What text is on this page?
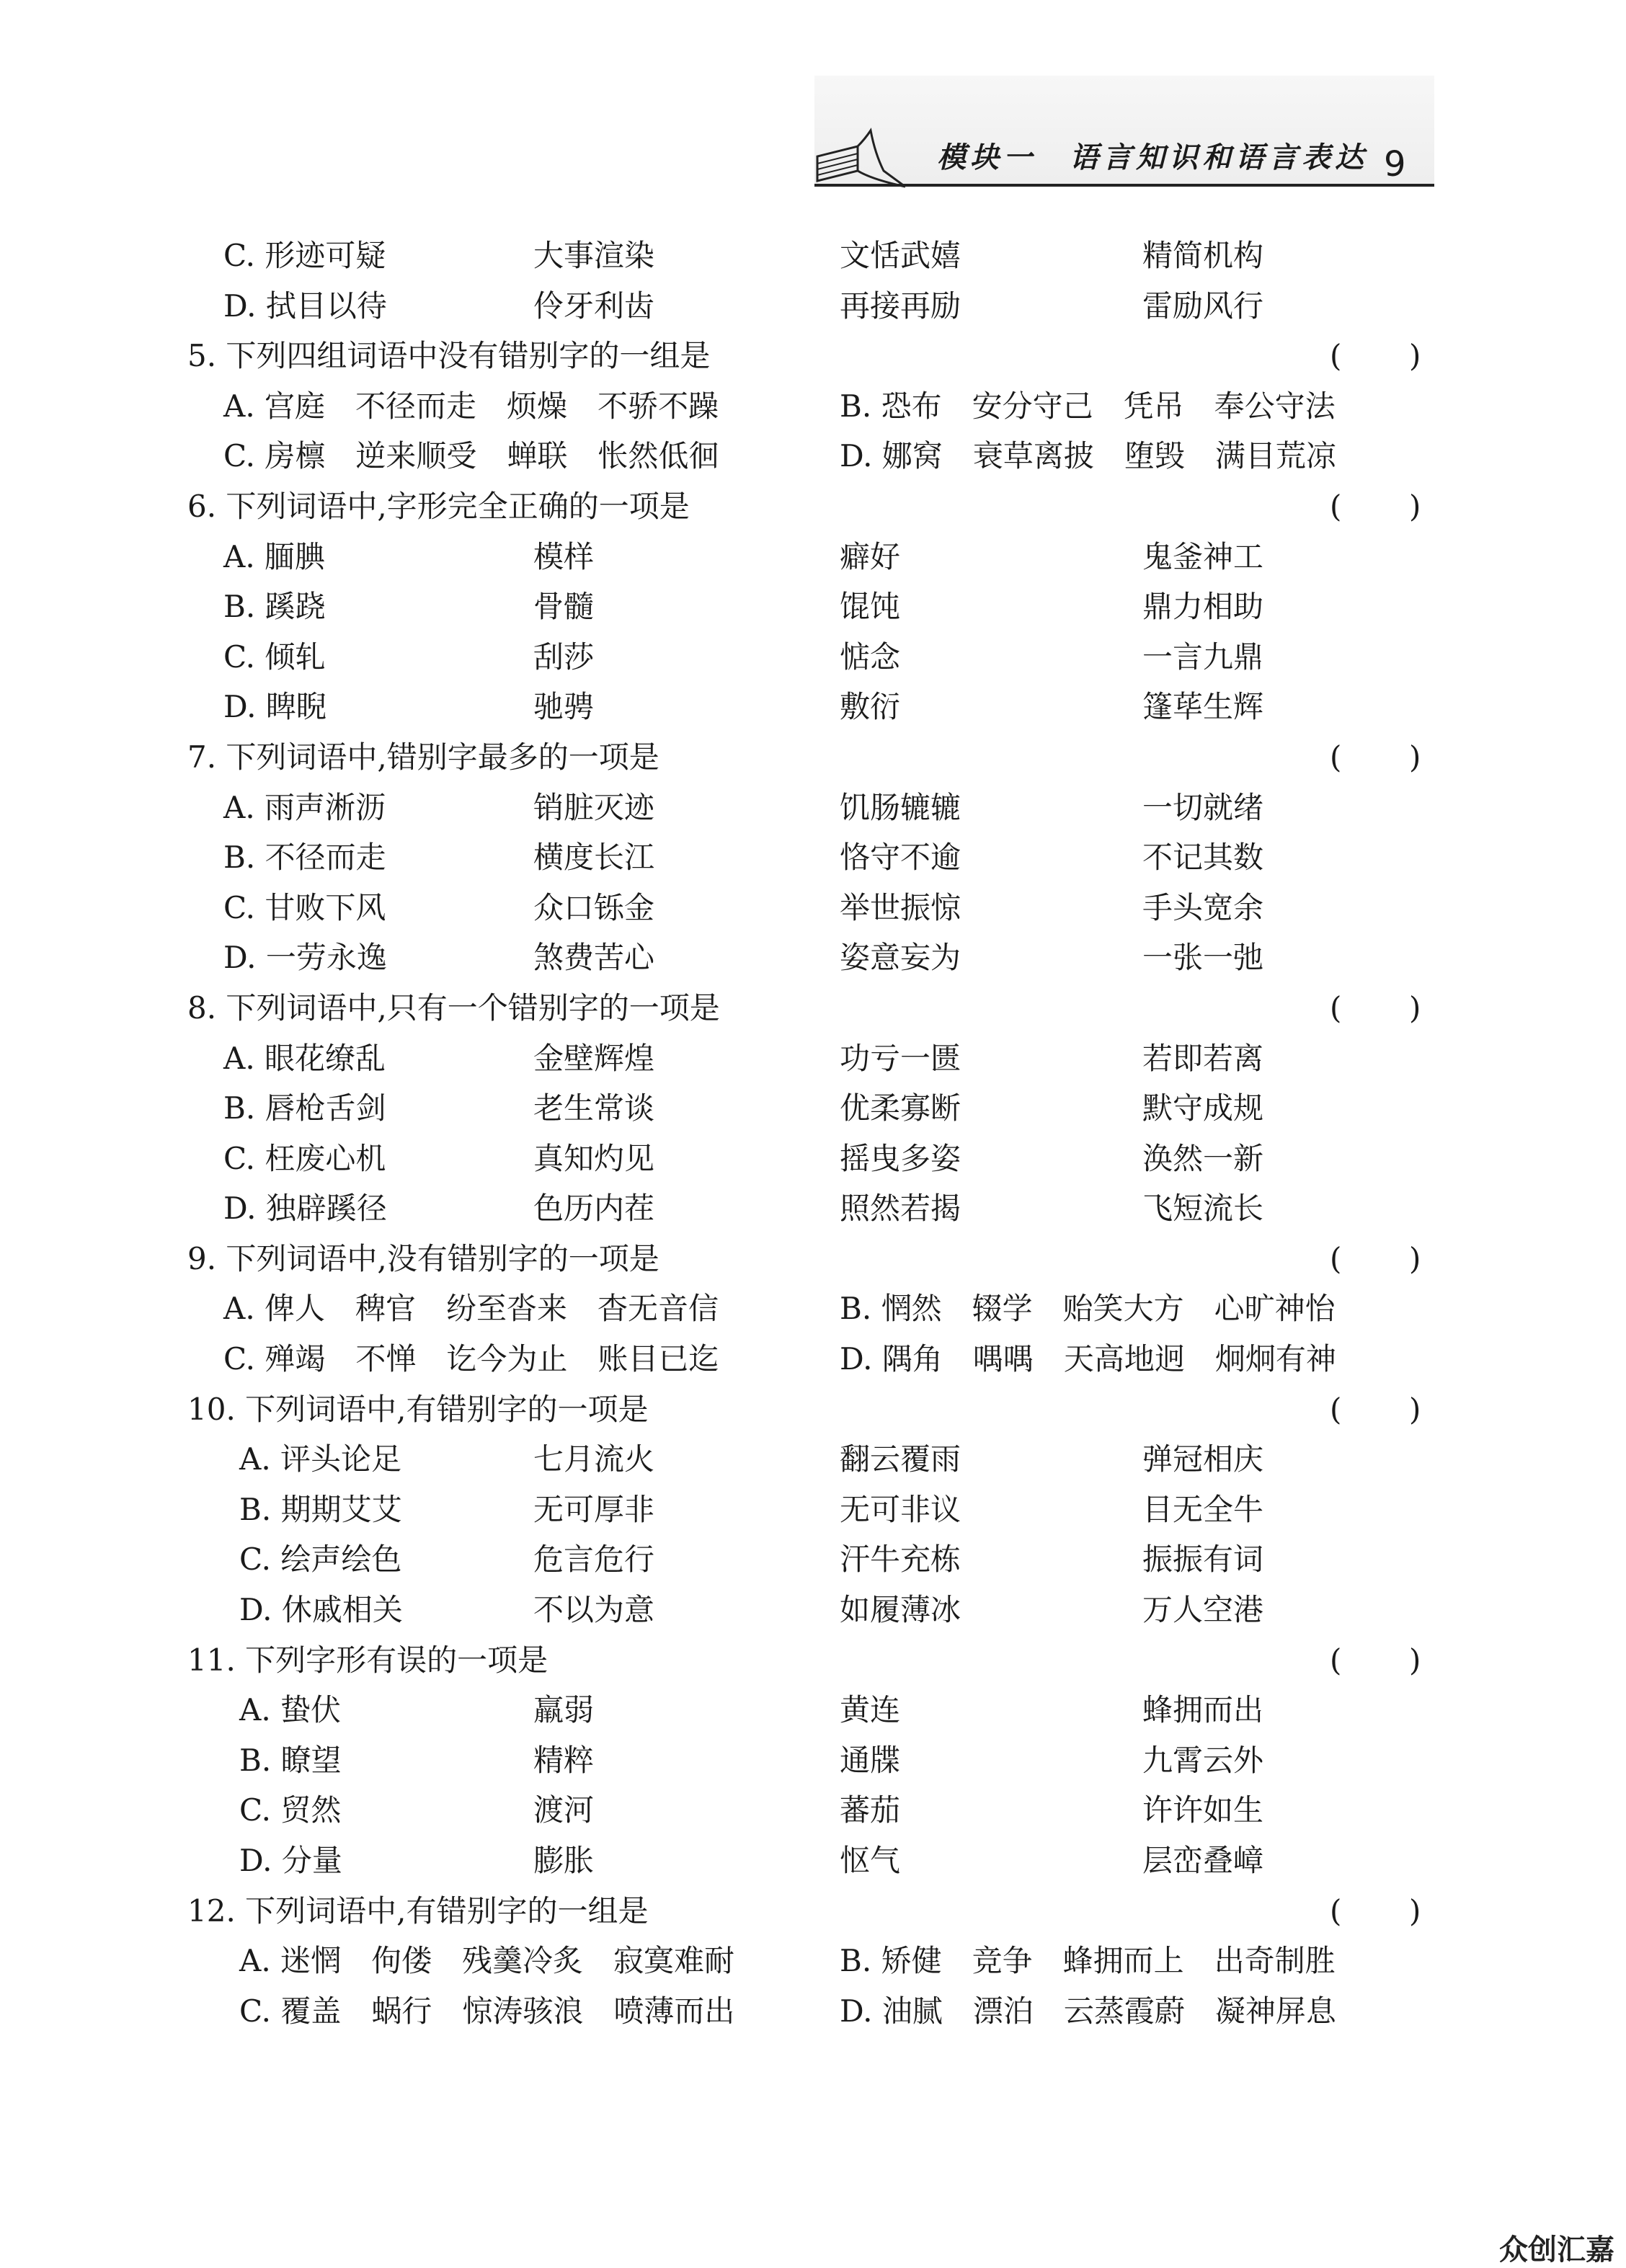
模块一　语言知识和语言表达 9
C. 形迹可疑	大事渲染	文恬武嬉	精简机构
D. 拭目以待	伶牙利齿	再接再励	雷励风行
5. 下列四组词语中没有错别字的一组是	( )
A. 宫庭　不径而走　烦燥　不骄不躁	B. 恐布　安分守己　凭吊　奉公守法
C. 房檩　逆来顺受　蝉联　怅然低徊	D. 娜窝　衰草离披　堕毁　满目荒凉
6. 下列词语中,字形完全正确的一项是	( )
A. 腼腆	模样	癖好	鬼釜神工
B. 蹊跷	骨髓	馄饨	鼎力相助
C. 倾轧	刮莎	惦念	一言九鼎
D. 睥睨	驰骋	敷衍	篷荜生辉
7. 下列词语中,错别字最多的一项是	( )
A. 雨声淅沥	销脏灭迹	饥肠辘辘	一切就绪
B. 不径而走	横度长江	恪守不逾	不记其数
C. 甘败下风	众口铄金	举世振惊	手头宽余
D. 一劳永逸	煞费苦心	姿意妄为	一张一弛
8. 下列词语中,只有一个错别字的一项是	( )
A. 眼花缭乱	金壁辉煌	功亏一匮	若即若离
B. 唇枪舌剑	老生常谈	优柔寡断	默守成规
C. 枉废心机	真知灼见	摇曳多姿	涣然一新
D. 独辟蹊径	色历内茬	照然若揭	飞短流长
9. 下列词语中,没有错别字的一项是	( )
A. 俾人　稗官　纷至沓来　杳无音信	B. 惘然　辍学　贻笑大方　心旷神怡
C. 殚竭　不惮　讫今为止　账目已迄	D. 隅角　喁喁　天高地迥　炯炯有神
10. 下列词语中,有错别字的一项是	( )
A. 评头论足	七月流火	翻云覆雨	弹冠相庆
B. 期期艾艾	无可厚非	无可非议	目无全牛
C. 绘声绘色	危言危行	汗牛充栋	振振有词
D. 休戚相关	不以为意	如履薄冰	万人空港
11. 下列字形有误的一项是	( )
A. 蛰伏	羸弱	黄连	蜂拥而出
B. 瞭望	精粹	通牒	九霄云外
C. 贸然	渡河	蕃茄	许许如生
D. 分量	膨胀	怄气	层峦叠嶂
12. 下列词语中,有错别字的一组是	( )
A. 迷惘　佝偻　残羹冷炙　寂寞难耐	B. 矫健　竞争　蜂拥而上　出奇制胜
C. 覆盖　蜗行　惊涛骇浪　喷薄而出	D. 油腻　漂泊　云蒸霞蔚　凝神屏息
众创汇嘉
